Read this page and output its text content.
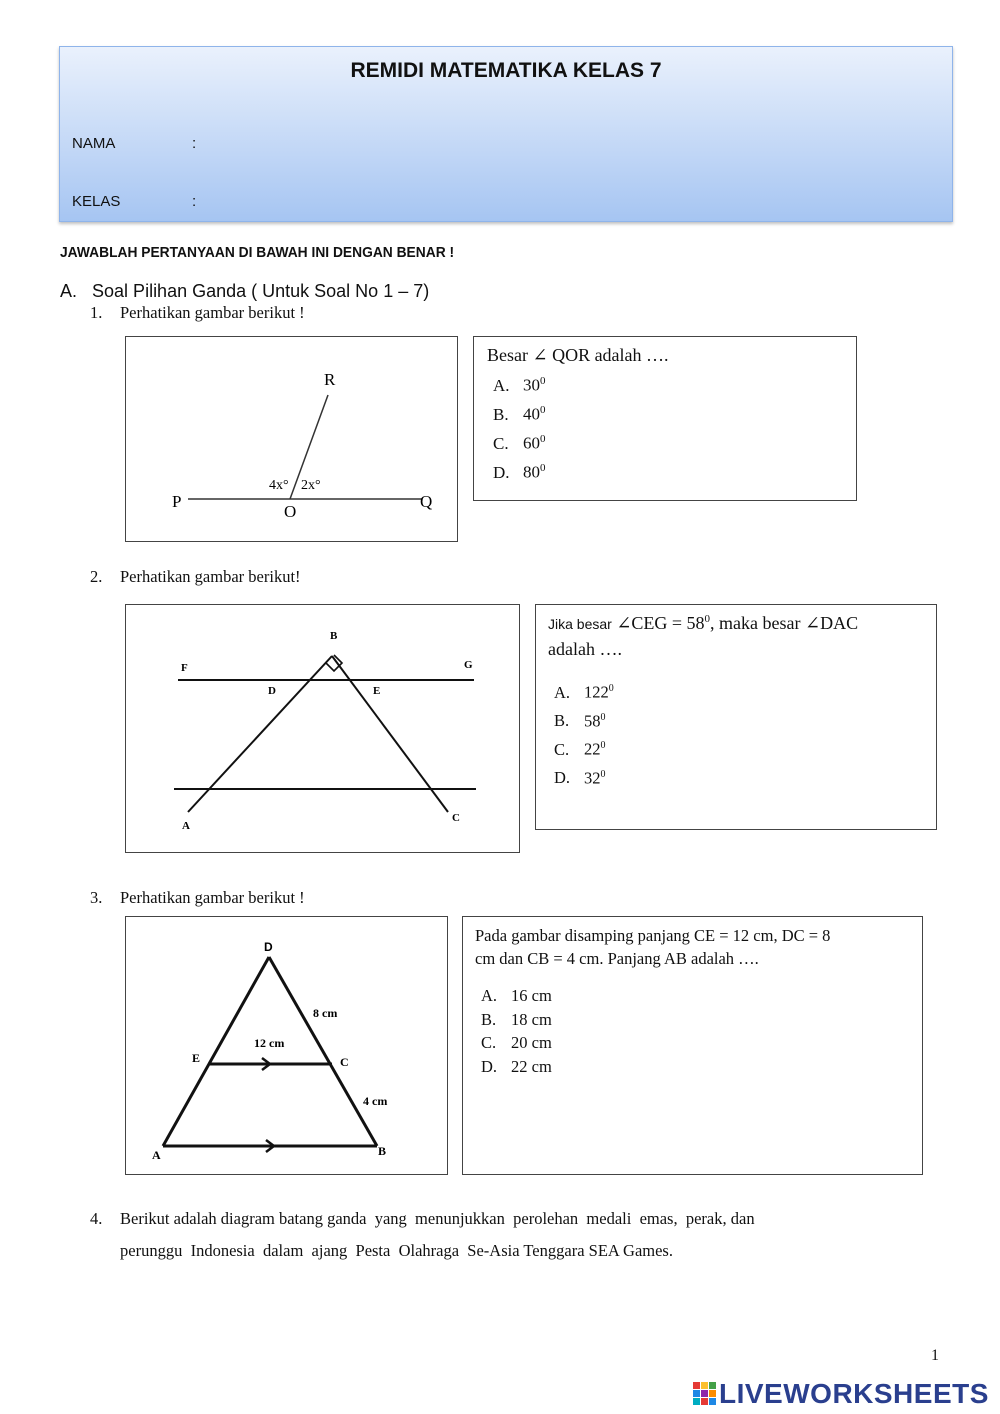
REMIDI MATEMATIKA KELAS 7
NAMA	:
KELAS	:
JAWABLAH PERTANYAAN DI BAWAH INI DENGAN BENAR !
A. Soal Pilihan Ganda ( Untuk Soal No 1 – 7)
1. Perhatikan gambar berikut !
P
O
Q
R
4x° 2x°
Besar ∠ QOR adalah ….
A. $30^0$
B. $40^0$
C. $60^0$
D. $80^0$
2. Perhatikan gambar berikut!
B
F	G
D	E
A
C
Jika besar ∠CEG = $58^0$, maka besar ∠DAC
adalah ….
A. $122^0$
B. $58^0$
C. $22^0$
D. $32^0$
3. Perhatikan gambar berikut !
D
E	C
A	B
8 cm
12 cm
4 cm
Pada gambar disamping panjang CE = 12 cm, DC = 8
cm dan CB = 4 cm. Panjang AB adalah ….
A. 16 cm
B. 18 cm
C. 20 cm
D. 22 cm
4. Berikut adalah diagram batang ganda  yang  menunjukkan  perolehan  medali  emas,  perak, dan
perunggu  Indonesia  dalam  ajang  Pesta  Olahraga  Se-Asia Tenggara SEA Games.
1
LIVEWORKSHEETS
